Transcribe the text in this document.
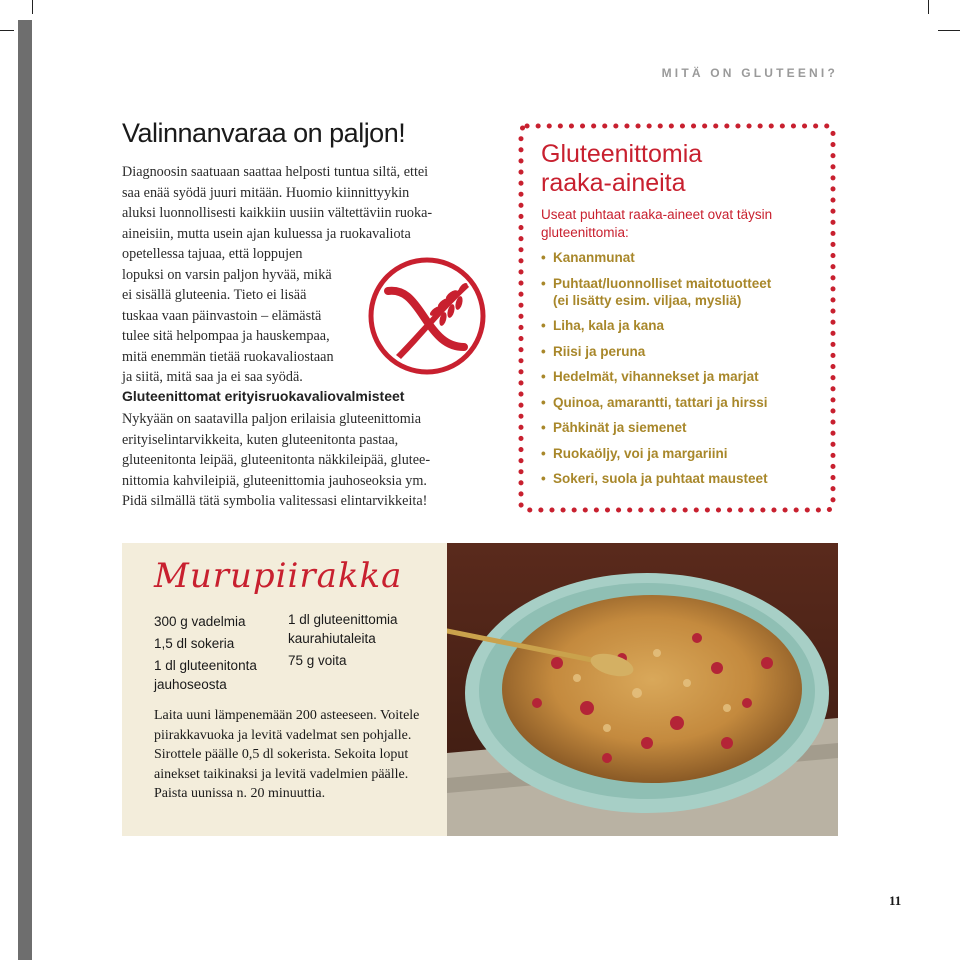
MITÄ ON GLUTEENI?
Valinnanvaraa on paljon!
Diagnoosin saatuaan saattaa helposti tuntua siltä, ettei
saa enää syödä juuri mitään. Huomio kiinnittyykin
aluksi luonnollisesti kaikkiin uusiin vältettäviin ruoka-
aineisiin, mutta usein ajan kuluessa ja ruokavaliota
opetellessa tajuaa, että loppujen
lopuksi on varsin paljon hyvää, mikä
ei sisällä gluteenia. Tieto ei lisää
tuskaa vaan päinvastoin – elämästä
tulee sitä helpompaa ja hauskempaa,
mitä enemmän tietää ruokavaliostaan
ja siitä, mitä saa ja ei saa syödä.
Gluteenittomat erityisruokavaliovalmisteet
Nykyään on saatavilla paljon erilaisia gluteenittomia
erityiselintarvikkeita, kuten gluteenitonta pastaa,
gluteenitonta leipää, gluteenitonta näkkileipää, glutee-
nittomia kahvileipiä, gluteenittomia jauhoseoksia ym.
Pidä silmällä tätä symbolia valitessasi elintarvikkeita!
Gluteenittomia
raaka-aineita
Useat puhtaat raaka-aineet ovat täysin gluteenittomia:
• Kananmunat
• Puhtaat/luonnolliset maitotuotteet (ei lisätty esim. viljaa, mysliä)
• Liha, kala ja kana
• Riisi ja peruna
• Hedelmät, vihannekset ja marjat
• Quinoa, amarantti, tattari ja hirssi
• Pähkinät ja siemenet
• Ruokaöljy, voi ja margariini
• Sokeri, suola ja puhtaat mausteet
Murupiirakka
300 g vadelmia
1,5 dl sokeria
1 dl gluteenitonta jauhoseosta
1 dl gluteenittomia kaurahiutaleita
75 g voita
Laita uuni lämpenemään 200 asteeseen. Voitele piirakkavuoka ja levitä vadelmat sen pohjalle. Sirottele päälle 0,5 dl sokerista. Sekoita loput ainekset taikinaksi ja levitä vadelmien päälle. Paista uunissa n. 20 minuuttia.
11
